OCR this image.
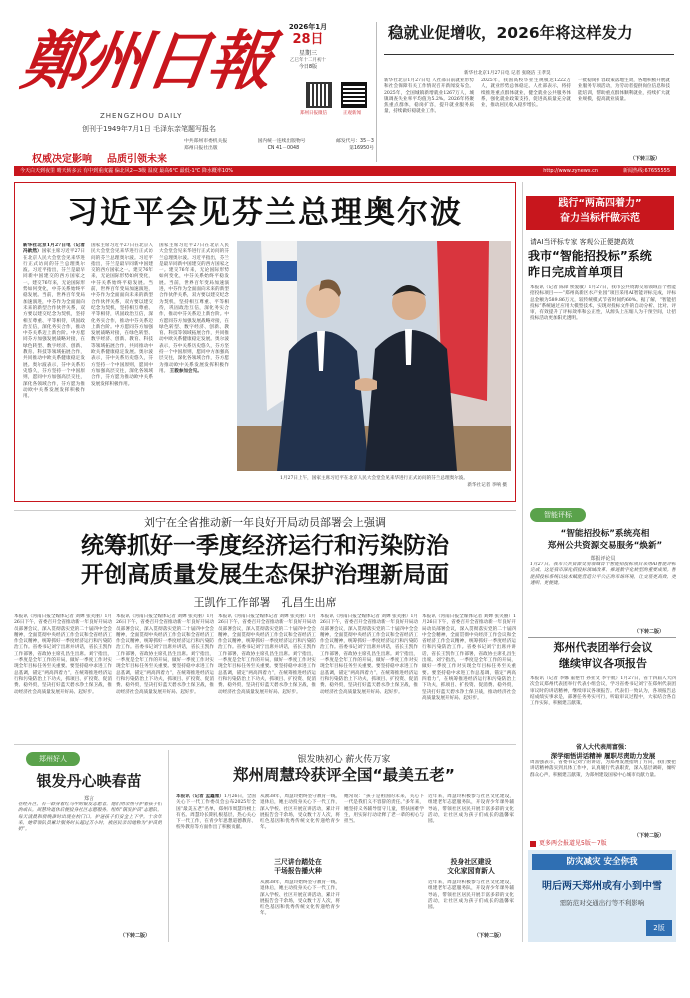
鄭州日報
ZHENGZHOU DAILY
创刊于1949年7月1日 毛泽东亲笔题写报名
2026年1月
28日
星期三
乙巳年十二月初十
今日8版
郑州日报微信	正观新闻
中共郑州市委机关报	国内统一连续出版物号	邮发代号：35－3
郑州日报社出版	CN 41－0048	第16950号
权威决定影响 品质引领未来
稳就业促增收，2026年将这样发力
新华社北京1月27日电 记者 张晓洁 王孝昊
新华社北京1月27日电 人社部日前就业形势和社会保障有关工作情况召开新闻发布会。2025年，全国城镇新增就业1267万人，城镇调查失业率平均值为5.2%。2026年将聚焦重点群体，稳岗扩容，提升就业服务质量，持续做好稳就业工作。
2025年，我国高校毕业生规模达1222万人，就业形势总体稳定。人社部表示，将持续推进重点群体就业，健全就业公共服务体系，强化就业政策支持，促进高质量充分就业，推动居民收入稳步增长。
一批稳岗扩容政策落地生效，各地积极开展就业服务专项活动，为劳动者提供岗位信息和技能培训，帮助重点群体顺利就业，持续扩大就业规模，提高就业质量。
（下转三版）
今天白天到夜里 晴天转多云 有中到重度霾 偏北风2—3级 温度 最高6℃ 最低-1℃ 降水概率10%	http://www.zynews.cn	新闻热线:67655555
习近平会见芬兰总理奥尔波
新华社北京1月27日电（记者 冯歆然）国家主席习近平27日在北京人民大会堂会见来华进行正式访问的芬兰总理奥尔波。习近平指出，芬兰是最早同新中国建交的西方国家之一。建交76年来，无论国际形势如何变化，中芬关系始终平稳发展。当前，世界百年变局加速演进，中芬作为全面面向未来的新型合作伙伴关系，双方要以建交纪念为契机，坚持相互尊重、平等相待，巩固政治互信，深化务实合作，推动中芬关系迈上新台阶。中方愿同芬方加强发展战略对接，在绿色转型、数字经济、创新、教育、科技等领域拓展合作，共同推动中欧关系健康稳定发展。奥尔波表示，芬中关系历史悠久，芬方坚持一个中国原则，愿同中方加强高层交往，深化各领域合作，芬方愿为推动欧中关系发展发挥积极作用。
国家主席习近平27日在北京人民大会堂会见来华进行正式访问的芬兰总理奥尔波。习近平指出，芬兰是最早同新中国建交的西方国家之一。建交76年来，无论国际形势如何变化，中芬关系始终平稳发展。当前，世界百年变局加速演进，中芬作为全面面向未来的新型合作伙伴关系，双方要以建交纪念为契机，坚持相互尊重、平等相待，巩固政治互信，深化务实合作，推动中芬关系迈上新台阶。中方愿同芬方加强发展战略对接，在绿色转型、数字经济、创新、教育、科技等领域拓展合作，共同推动中欧关系健康稳定发展。奥尔波表示，芬中关系历史悠久，芬方坚持一个中国原则，愿同中方加强高层交往，深化各领域合作，芬方愿为推动欧中关系发展发挥积极作用。
国家主席习近平27日在北京人民大会堂会见来华进行正式访问的芬兰总理奥尔波。习近平指出，芬兰是最早同新中国建交的西方国家之一。建交76年来，无论国际形势如何变化，中芬关系始终平稳发展。当前，世界百年变局加速演进，中芬作为全面面向未来的新型合作伙伴关系，双方要以建交纪念为契机，坚持相互尊重、平等相待，巩固政治互信，深化务实合作，推动中芬关系迈上新台阶。中方愿同芬方加强发展战略对接，在绿色转型、数字经济、创新、教育、科技等领域拓展合作，共同推动中欧关系健康稳定发展。奥尔波表示，芬中关系历史悠久，芬方坚持一个中国原则，愿同中方加强高层交往，深化各领域合作，芬方愿为推动欧中关系发展发挥积极作用。 王毅参加会见。
1月27日上午，国家主席习近平在北京人民大会堂会见来华进行正式访问的芬兰总理奥尔波。
新华社记者 李响 摄
践行“两高四着力”
奋力当标杆做示范
请AI当评标专家 客观公正便捷高效
我市“智能招投标”系统
昨日完成首单项目
本报讯（记者 陈锋 侯爱敏）1月27日，我市公共资源交易领域首个智能招投标项目——“郑州高新区水产业园”项目采用AI智能评标完成，评标总金额为589.86万元，较传统模式节省时间约60%。据了解，“智能招投标”系统通过应用大模型技术，实现对投标文件的自动分析、比对、评审，有效提升了评标效率和公正性，从源头上压缩人为干预空间，让招投标活动更加阳光透明。
智能评标
“智能招投标”系统亮相
郑州公共资源交易服务“焕新”
郑报评论员
1月27日，我市公共资源交易领域首个智能招投标项目采用AI智能评标完成，这是我市深化招投标领域改革、推进数字化转型的重要成果。智能招投标系统以技术赋能营造公平公正的市场环境，让交易更高效、更透明、更便捷。
（下转二版）
郑州代表团举行会议
继续审议各项报告
本报讯（记者 李娜 董艳竹 孙亚文 李宇航）1月27日，省十四届人大四次会议郑州代表团举行代表小组会议，学习省委书记刘宁在郑州代表团审议时的讲话精神，继续审议各项报告。代表们一致认为，各项报告总结成绩实事求是，部署任务务实可行，听取审议过程中，大家结合各自工作实际，积极建言献策。
省人大代表周富强：
深学细悟讲话精神 履职尽责助力发展
周富强表示，省委书记刘宁的讲话，为郑州发展指明了方向，我们要把讲话精神落实到具体工作中，认真履行代表职责，深入基层调研，倾听群众心声，积极建言献策，为郑州建设国家中心城市贡献力量。
（下转二版）
更多两会报道见5版～7版
刘宁在全省推动新一年良好开局动员部署会上强调
统筹抓好一季度经济运行和污染防治
开创高质量发展生态保护治理新局面
王凯作工作部署　孔昌生出席
本报讯（河南日报全媒体记者 刘婵 张笑丽）1月26日下午，省委召开全省推动新一年良好开局动员部署会议，深入贯彻落实党的二十届四中全会精神，全面贯彻中央经济工作会议和全省经济工作会议精神，统筹抓好一季度经济运行和污染防治工作。省委书记刘宁出席并讲话，省长王凯作工作部署，省政协主席孔昌生出席。刘宁指出，一季度是全年工作的开局，做好一季度工作对实现全年目标任务至关重要。要坚持稳中求进工作总基调，锚定“两高四着力”，在统筹推进经济运行和污染防治上下功夫，抓项目、扩投资、促消费、稳外贸，坚决打好蓝天碧水净土保卫战，推动经济社会高质量发展开好局、起好步。
本报讯（河南日报全媒体记者 刘婵 张笑丽）1月26日下午，省委召开全省推动新一年良好开局动员部署会议，深入贯彻落实党的二十届四中全会精神，全面贯彻中央经济工作会议和全省经济工作会议精神，统筹抓好一季度经济运行和污染防治工作。省委书记刘宁出席并讲话，省长王凯作工作部署，省政协主席孔昌生出席。刘宁指出，一季度是全年工作的开局，做好一季度工作对实现全年目标任务至关重要。要坚持稳中求进工作总基调，锚定“两高四着力”，在统筹推进经济运行和污染防治上下功夫，抓项目、扩投资、促消费、稳外贸，坚决打好蓝天碧水净土保卫战，推动经济社会高质量发展开好局、起好步。
本报讯（河南日报全媒体记者 刘婵 张笑丽）1月26日下午，省委召开全省推动新一年良好开局动员部署会议，深入贯彻落实党的二十届四中全会精神，全面贯彻中央经济工作会议和全省经济工作会议精神，统筹抓好一季度经济运行和污染防治工作。省委书记刘宁出席并讲话，省长王凯作工作部署，省政协主席孔昌生出席。刘宁指出，一季度是全年工作的开局，做好一季度工作对实现全年目标任务至关重要。要坚持稳中求进工作总基调，锚定“两高四着力”，在统筹推进经济运行和污染防治上下功夫，抓项目、扩投资、促消费、稳外贸，坚决打好蓝天碧水净土保卫战，推动经济社会高质量发展开好局、起好步。
本报讯（河南日报全媒体记者 刘婵 张笑丽）1月26日下午，省委召开全省推动新一年良好开局动员部署会议，深入贯彻落实党的二十届四中全会精神，全面贯彻中央经济工作会议和全省经济工作会议精神，统筹抓好一季度经济运行和污染防治工作。省委书记刘宁出席并讲话，省长王凯作工作部署，省政协主席孔昌生出席。刘宁指出，一季度是全年工作的开局，做好一季度工作对实现全年目标任务至关重要。要坚持稳中求进工作总基调，锚定“两高四着力”，在统筹推进经济运行和污染防治上下功夫，抓项目、扩投资、促消费、稳外贸，坚决打好蓝天碧水净土保卫战，推动经济社会高质量发展开好局、起好步。
本报讯（河南日报全媒体记者 刘婵 张笑丽）1月26日下午，省委召开全省推动新一年良好开局动员部署会议，深入贯彻落实党的二十届四中全会精神，全面贯彻中央经济工作会议和全省经济工作会议精神，统筹抓好一季度经济运行和污染防治工作。省委书记刘宁出席并讲话，省长王凯作工作部署，省政协主席孔昌生出席。刘宁指出，一季度是全年工作的开局，做好一季度工作对实现全年目标任务至关重要。要坚持稳中求进工作总基调，锚定“两高四着力”，在统筹推进经济运行和污染防治上下功夫，抓项目、扩投资、促消费、稳外贸，坚决打好蓝天碧水净土保卫战，推动经济社会高质量发展开好局、起好步。
郑州好人
银发丹心映春苗
郑言
在经开区，有一群身着红马甲的银发志愿者，他们用余热守护着孩子们的成长。周慧玲退休后便投身社区志愿服务，组织“银发护苗”志愿队，每天清晨和傍晚准时出现在校门口，护送孩子们安全上下学。十余年来，她带领队员累计服务时长超过万小时，被居民亲切地称为“护苗奶奶”。
（下转二版）
银发映初心 薪火传万家
郑州周慧玲获评全国“最美五老”
本报讯（记者 孟鑫雅）1月26日，全国关心下一代工作委员会公布2025年全国“最美五老”名单，郑州市周慧玲榜上有名。周慧玲长期扎根基层，热心关心下一代工作，在青少年思想道德教育、校外教育等方面作出了积极贡献。
三尺讲台踏处在
干场报告播火种
从教38年，周慧玲始终坚守教育一线。退休后，她主动投身关心下一代工作，深入学校、社区开展宣讲活动，累计开展报告会千余场，受众数十万人次，将红色基因和优秀传统文化传递给青少年。
从教38年，周慧玲始终坚守教育一线。退休后，她主动投身关心下一代工作，深入学校、社区开展宣讲活动，累计开展报告会千余场，受众数十万人次，将红色基因和优秀传统文化传递给青少年。
她常说：“孩子是祖国的未来，关心下一代是我们义不容辞的责任。”多年来，她坚持义务辅导留守儿童，帮扶困难学生，用实际行动诠释了老一辈的初心与担当。
近年来，周慧玲积极参与社区文化建设，组建老年志愿服务队，开设青少年课外辅导站，带领社区居民开展丰富多彩的文化活动，让社区成为孩子们成长的温馨家园。
投身社区建设
文化家园育新人
近年来，周慧玲积极参与社区文化建设，组建老年志愿服务队，开设青少年课外辅导站，带领社区居民开展丰富多彩的文化活动，让社区成为孩子们成长的温馨家园。
（下转二版）
防灾减灾 安全你我
明后两天郑州或有小到中雪
需防范对交通出行等不利影响
2版
